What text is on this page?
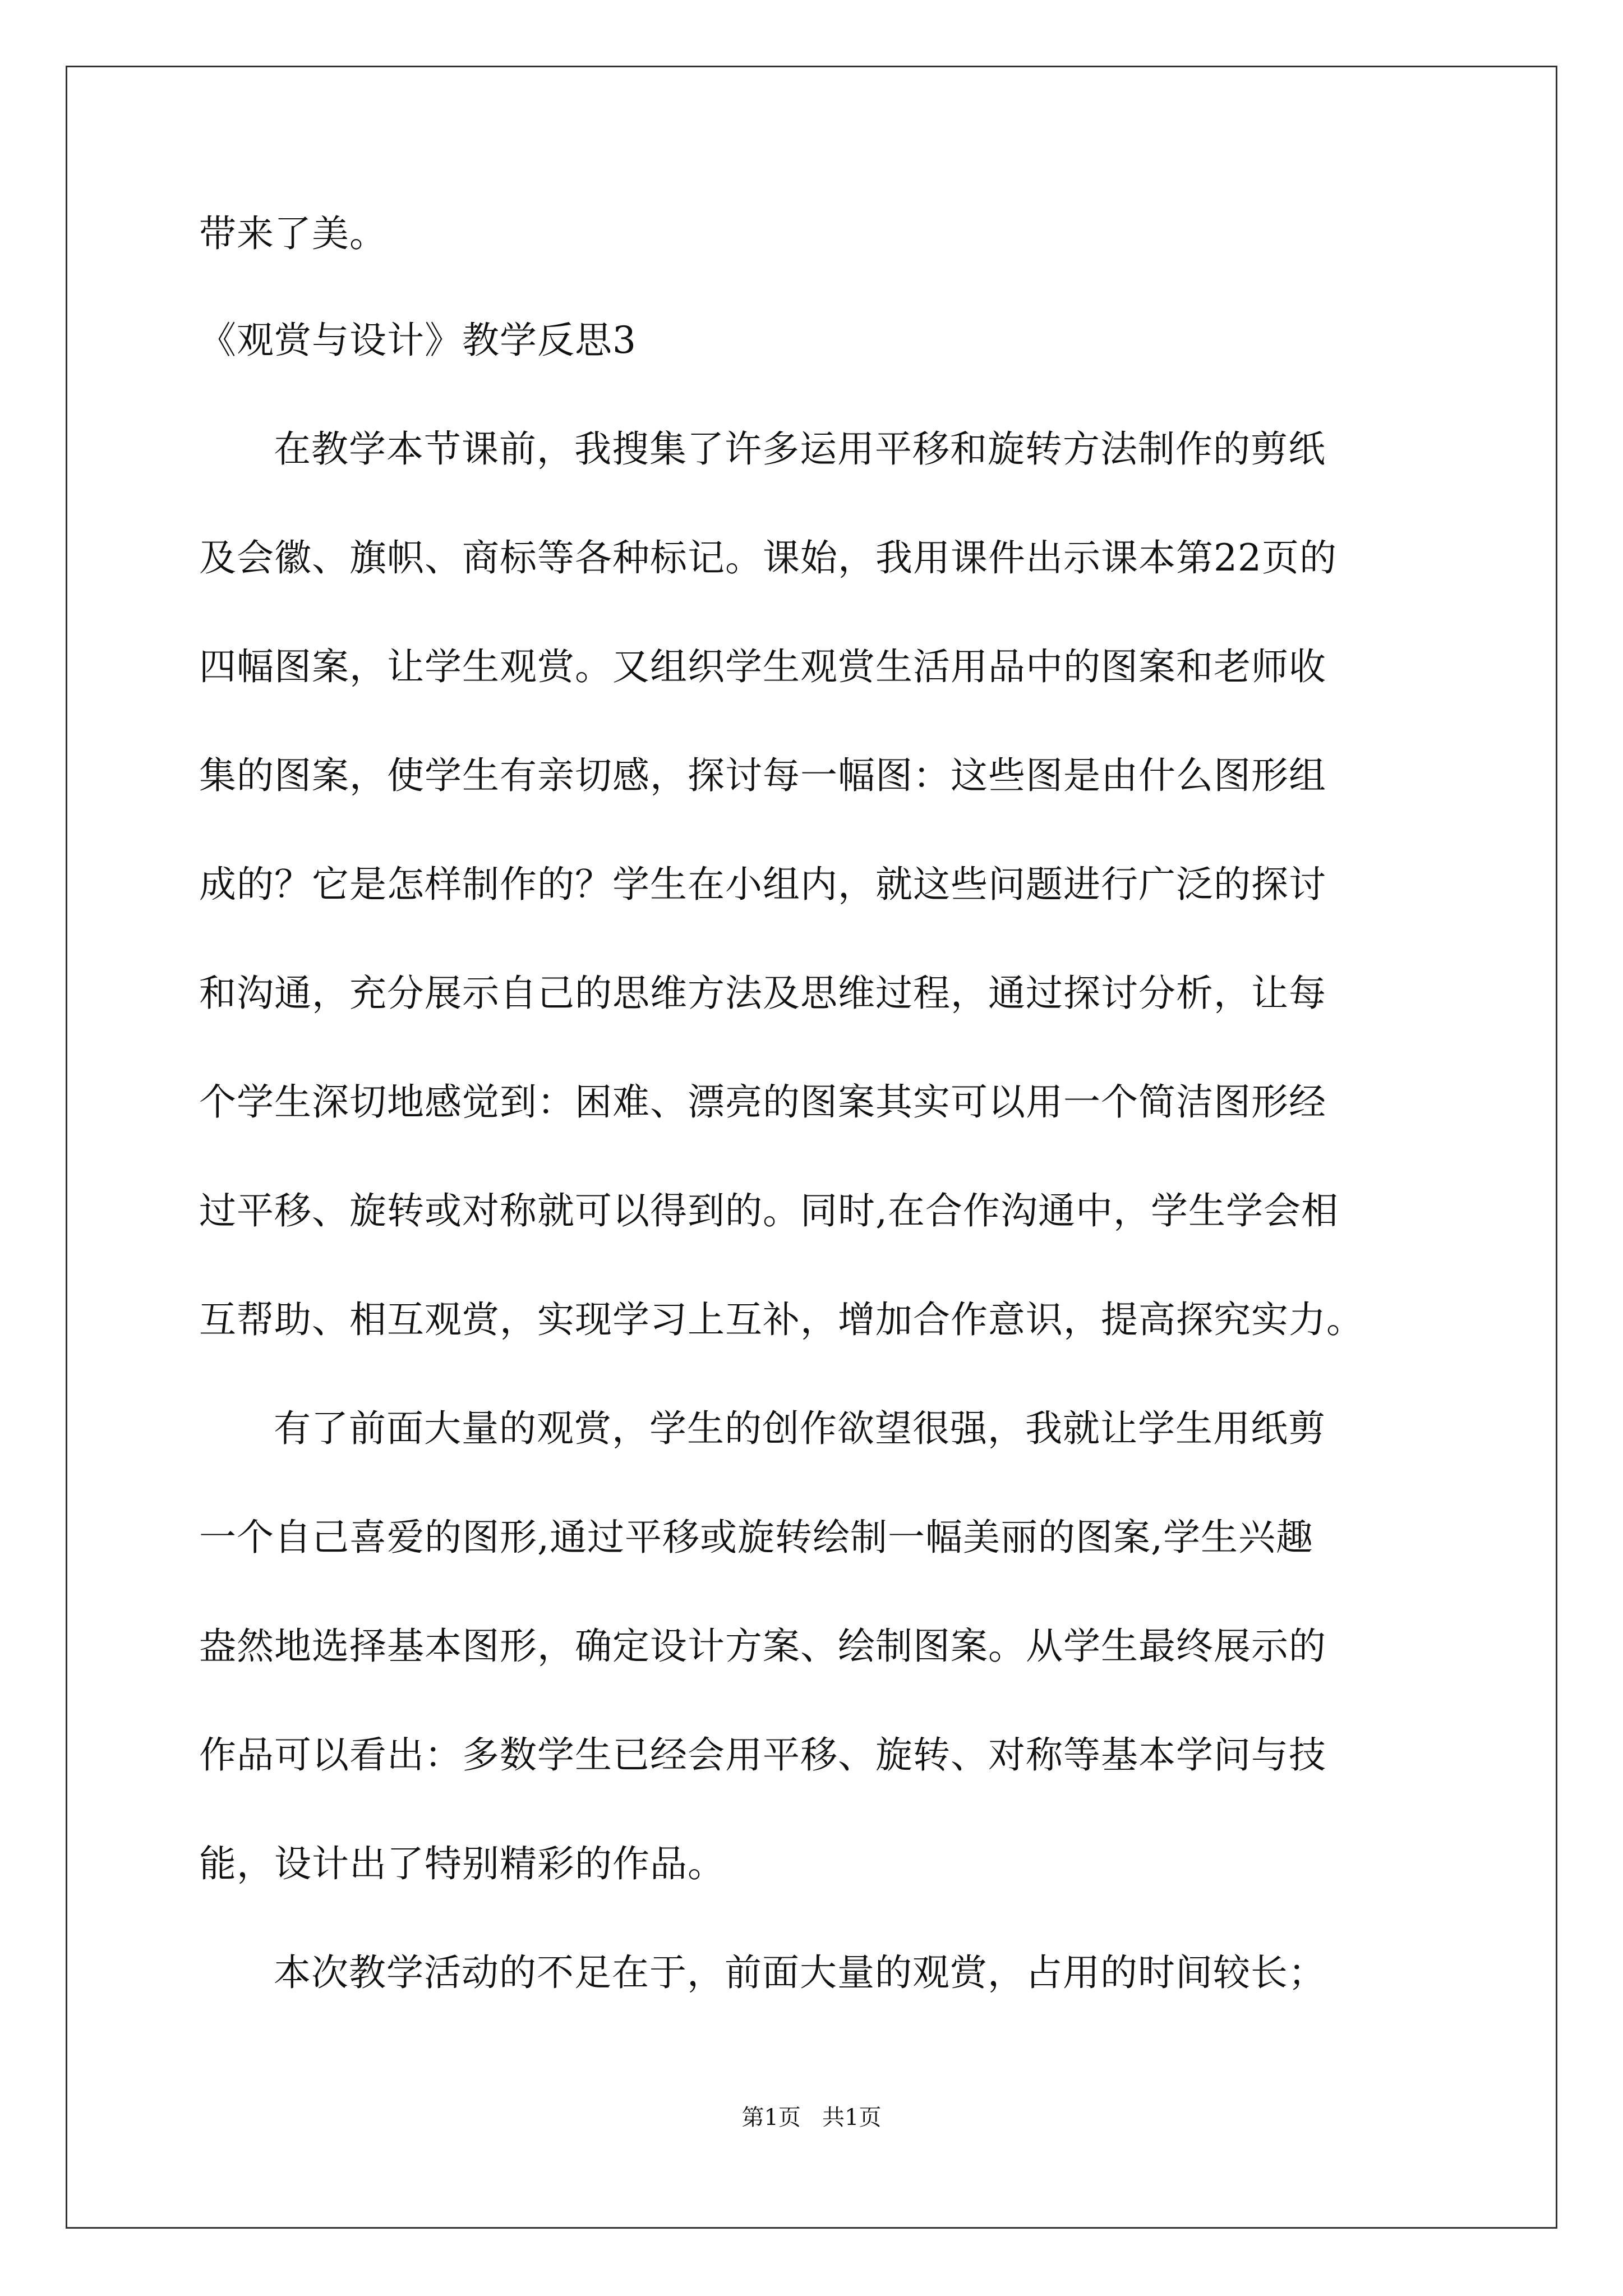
带来了美。
《观赏与设计》教学反思3
在教学本节课前，我搜集了许多运用平移和旋转方法制作的剪纸
及会徽、旗帜、商标等各种标记。课始，我用课件出示课本第22页的
四幅图案，让学生观赏。又组织学生观赏生活用品中的图案和老师收
集的图案，使学生有亲切感，探讨每一幅图：这些图是由什么图形组
成的？它是怎样制作的？学生在小组内，就这些问题进行广泛的探讨
和沟通，充分展示自己的思维方法及思维过程，通过探讨分析，让每
个学生深切地感觉到：困难、漂亮的图案其实可以用一个简洁图形经
过平移、旋转或对称就可以得到的。同时,在合作沟通中，学生学会相
互帮助、相互观赏，实现学习上互补，增加合作意识，提高探究实力。
有了前面大量的观赏，学生的创作欲望很强，我就让学生用纸剪
一个自己喜爱的图形,通过平移或旋转绘制一幅美丽的图案,学生兴趣
盎然地选择基本图形，确定设计方案、绘制图案。从学生最终展示的
作品可以看出：多数学生已经会用平移、旋转、对称等基本学问与技
能，设计出了特别精彩的作品。
本次教学活动的不足在于，前面大量的观赏，占用的时间较长；
第1页   共1页
